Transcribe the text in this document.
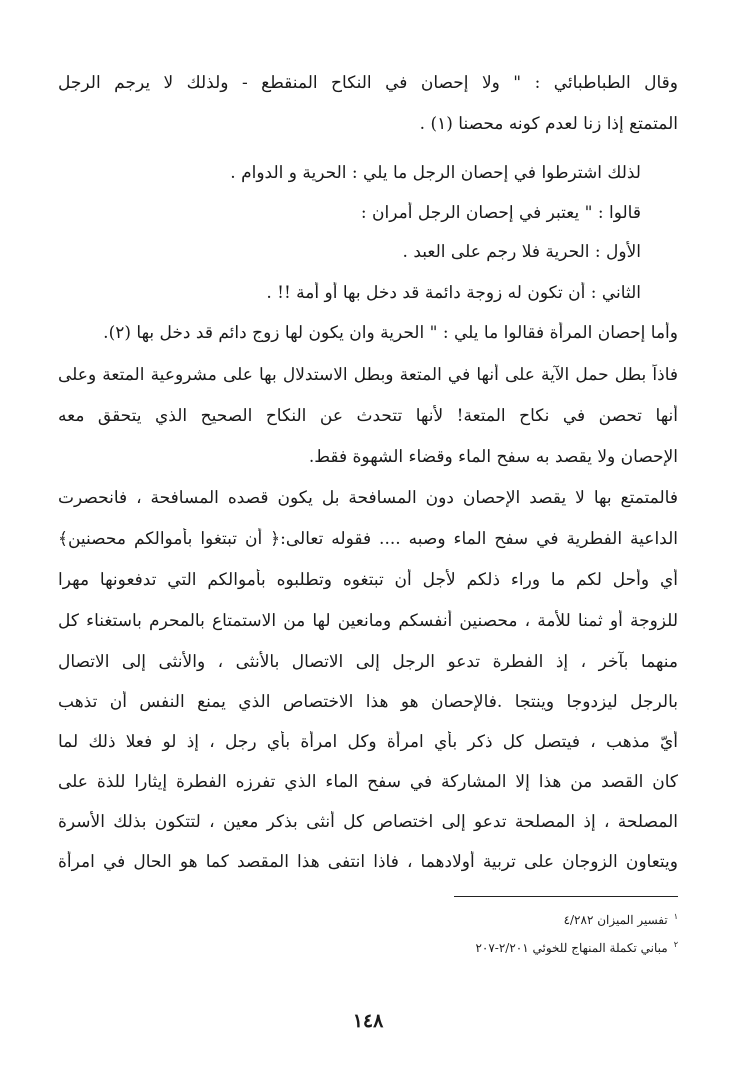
وقال الطباطبائي : " ولا إحصان في النكاح المنقطع - ولذلك لا يرجم الرجل
المتمتع إذا زنا لعدم كونه محصنا (١) .
لذلك اشترطوا في إحصان الرجل ما يلي : الحرية و الدوام .
قالوا : " يعتبر في إحصان الرجل أمران :
الأول : الحرية فلا رجم على العبد .
الثاني : أن تكون له زوجة دائمة قد دخل بها أو أمة !! .
وأما إحصان المرأة فقالوا ما يلي : " الحرية وان يكون لها زوج دائم قد دخل بها (٢).
فاذاً بطل حمل الآية على أنها في المتعة وبطل الاستدلال بها على مشروعية المتعة وعلى
أنها تحصن في نكاح المتعة! لأنها تتحدث عن النكاح الصحيح الذي يتحقق معه
الإحصان ولا يقصد به سفح الماء وقضاء الشهوة فقط.
فالمتمتع بها لا يقصد الإحصان دون المسافحة بل يكون قصده المسافحة ، فانحصرت
الداعية الفطرية في سفح الماء وصبه .... فقوله تعالى:﴿ أن تبتغوا بأموالكم محصنين﴾
أي وأحل لكم ما وراء ذلكم لأجل أن تبتغوه وتطلبوه بأموالكم التي تدفعونها مهرا
للزوجة أو ثمنا للأمة ، محصنين أنفسكم ومانعين لها من الاستمتاع بالمحرم باستغناء كل
منهما بآخر ، إذ الفطرة تدعو الرجل إلى الاتصال بالأنثى ، والأنثى إلى الاتصال
بالرجل ليزدوجا وينتجا .فالإحصان هو هذا الاختصاص الذي يمنع النفس أن تذهب
أيّ مذهب ، فيتصل كل ذكر بأي امرأة وكل امرأة بأي رجل ، إذ لو فعلا ذلك لما
كان القصد من هذا إلا المشاركة في سفح الماء الذي تفرزه الفطرة إيثارا للذة على
المصلحة ، إذ المصلحة تدعو إلى اختصاص كل أنثى بذكر معين ، لتتكون بذلك الأسرة
ويتعاون الزوجان على تربية أولادهما ، فاذا انتفى هذا المقصد كما هو الحال في امرأة
$^١$تفسير الميزان ٤/٢٨٢
$^٢$مباني تكملة المنهاج للخوئي ٢/٢٠١-٢٠٧
١٤٨
